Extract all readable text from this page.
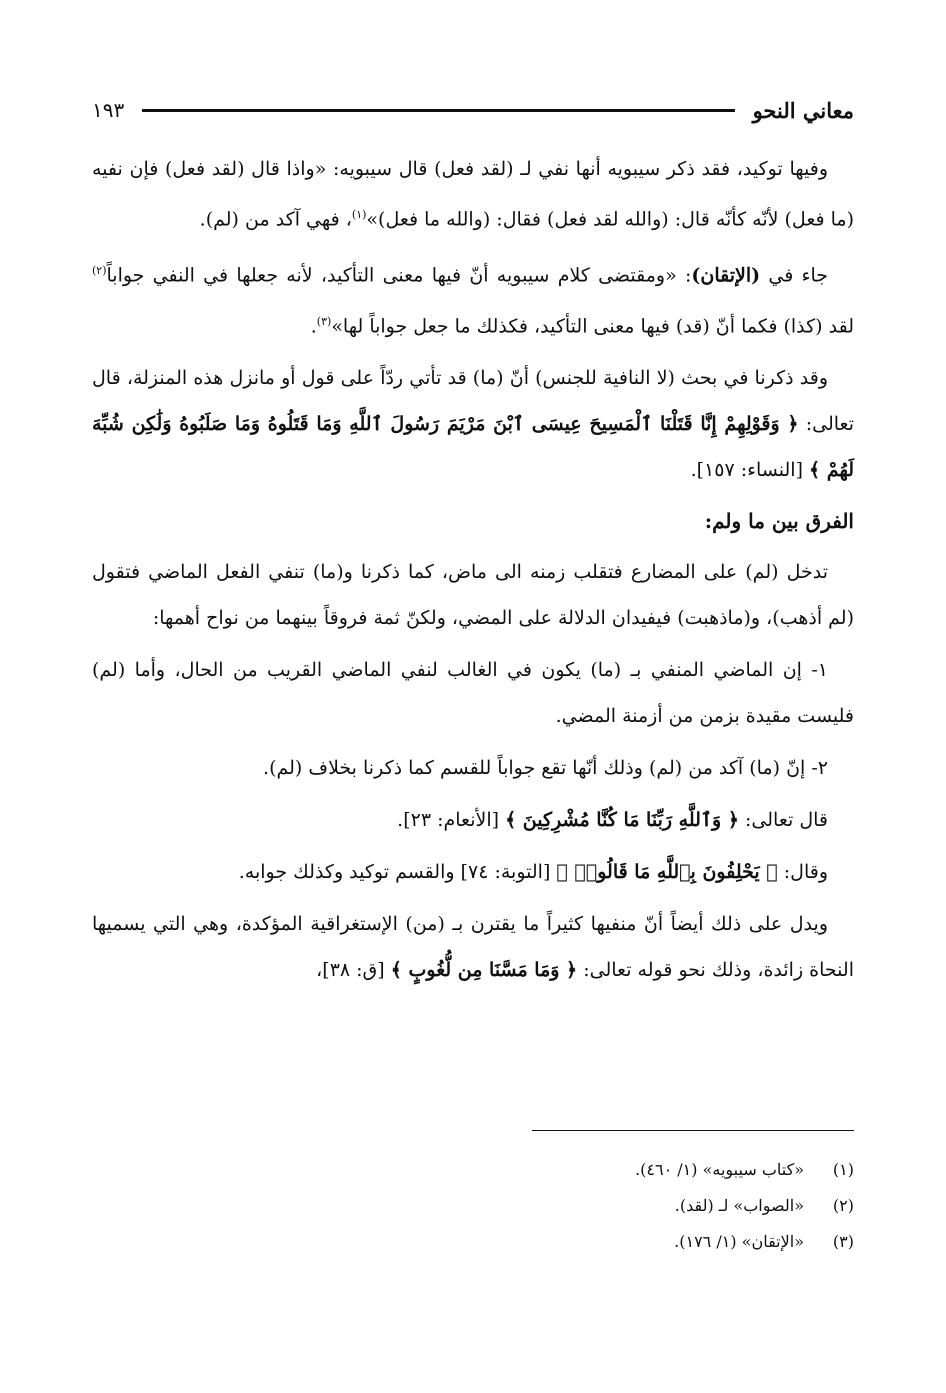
معاني النحو
١٩٣

وفيها توكيد، فقد ذكر سيبويه أنها نفي لـ (لقد فعل) قال سيبويه: «واذا قال (لقد فعل) فإن نفيه (ما فعل) لأنّه كأنّه قال: (والله لقد فعل) فقال: (والله ما فعل)»$^{(١)}$، فهي آكد من (لم).

جاء في (الإتقان): «ومقتضى كلام سيبويه أنّ فيها معنى التأكيد، لأنه جعلها في النفي جواباً$^{(٢)}$ لقد (كذا) فكما أنّ (قد) فيها معنى التأكيد، فكذلك ما جعل جواباً لها»$^{(٣)}$.

وقد ذكرنا في بحث (لا النافية للجنس) أنّ (ما) قد تأتي ردّاً على قول أو مانزل هذه المنزلة، قال تعالى: ﴿ وَقَوْلِهِمْ إِنَّا قَتَلْنَا ٱلْمَسِيحَ عِيسَى ٱبْنَ مَرْيَمَ رَسُولَ ٱللَّهِ وَمَا قَتَلُوهُ وَمَا صَلَبُوهُ وَلَٰكِن شُبِّهَ لَهُمْ ﴾ [النساء: ١٥٧].

الفرق بين ما ولم:

تدخل (لم) على المضارع فتقلب زمنه الى ماض، كما ذكرنا و(ما) تنفي الفعل الماضي فتقول (لم أذهب)، و(ماذهبت) فيفيدان الدلالة على المضي، ولكنّ ثمة فروقاً بينهما من نواح أهمها:

١- إن الماضي المنفي بـ (ما) يكون في الغالب لنفي الماضي القريب من الحال، وأما (لم) فليست مقيدة بزمن من أزمنة المضي.

٢- إنّ (ما) آكد من (لم) وذلك أنّها تقع جواباً للقسم كما ذكرنا بخلاف (لم).

قال تعالى: ﴿ وَٱللَّهِ رَبِّنَا مَا كُنَّا مُشْرِكِينَ ﴾ [الأنعام: ٢٣].

وقال: ﴿ يَحْلِفُونَ بِٱللَّهِ مَا قَالُوا۟ ﴾ [التوبة: ٧٤] والقسم توكيد وكذلك جوابه.

ويدل على ذلك أيضاً أنّ منفيها كثيراً ما يقترن بـ (من) الإستغراقية المؤكدة، وهي التي يسميها النحاة زائدة، وذلك نحو قوله تعالى: ﴿ وَمَا مَسَّنَا مِن لُّغُوبٍ ﴾ [ق: ٣٨]،

(١)
«كتاب سيبويه» (١/ ٤٦٠).
(٢)
«الصواب» لـ (لقد).
(٣)
«الإتقان» (١/ ١٧٦).
